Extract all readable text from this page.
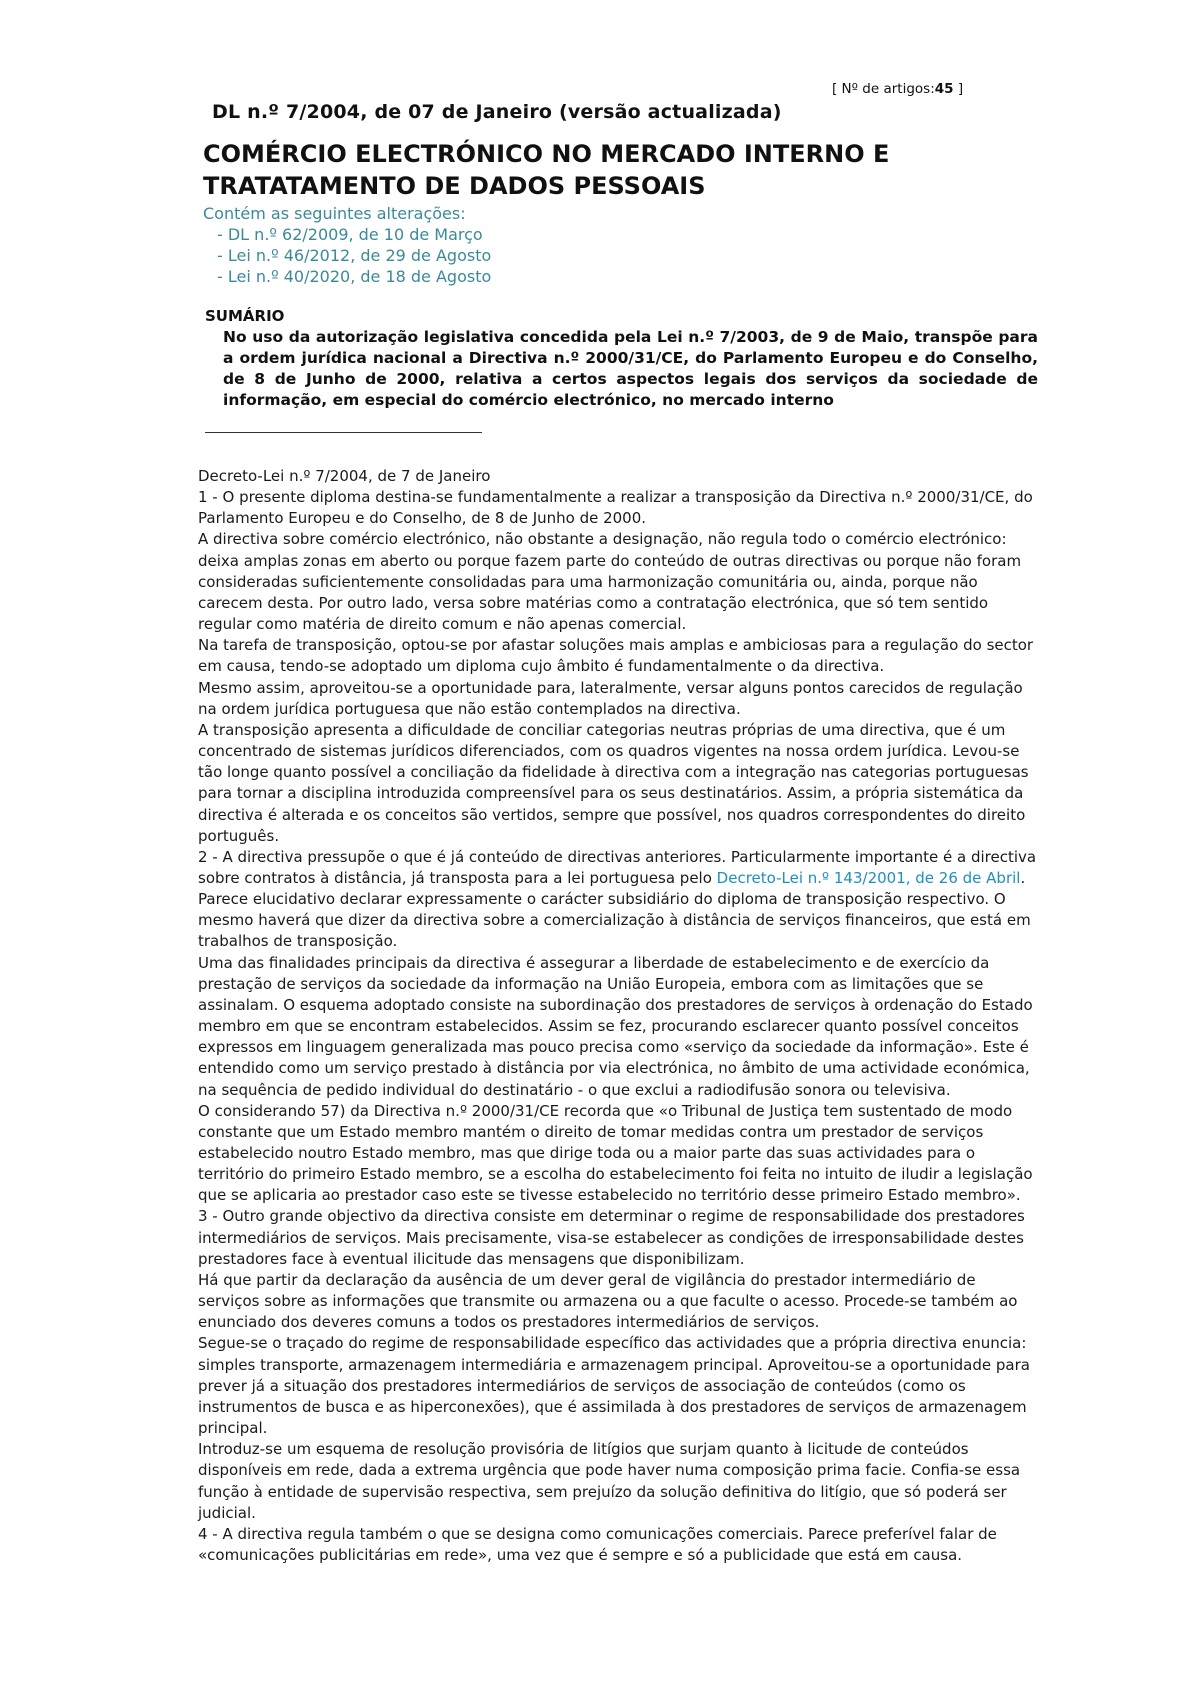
[ Nº de artigos:45 ]
DL n.º 7/2004, de 07 de Janeiro (versão actualizada)
COMÉRCIO ELECTRÓNICO NO MERCADO INTERNO E
TRATATAMENTO DE DADOS PESSOAIS
Contém as seguintes alterações:
- DL n.º 62/2009, de 10 de Março
- Lei n.º 46/2012, de 29 de Agosto
- Lei n.º 40/2020, de 18 de Agosto
SUMÁRIO
No uso da autorização legislativa concedida pela Lei n.º 7/2003, de 9 de Maio, transpõe para a ordem jurídica nacional a Directiva n.º 2000/31/CE, do Parlamento Europeu e do Conselho, de 8 de Junho de 2000, relativa a certos aspectos legais dos serviços da sociedade de informação, em especial do comércio electrónico, no mercado interno

Decreto-Lei n.º 7/2004, de 7 de Janeiro

1 - O presente diploma destina-se fundamentalmente a realizar a transposição da Directiva n.º 2000/31/CE, do Parlamento Europeu e do Conselho, de 8 de Junho de 2000.

A directiva sobre comércio electrónico, não obstante a designação, não regula todo o comércio electrónico: deixa amplas zonas em aberto ou porque fazem parte do conteúdo de outras directivas ou porque não foram consideradas suficientemente consolidadas para uma harmonização comunitária ou, ainda, porque não carecem desta. Por outro lado, versa sobre matérias como a contratação electrónica, que só tem sentido regular como matéria de direito comum e não apenas comercial.

Na tarefa de transposição, optou-se por afastar soluções mais amplas e ambiciosas para a regulação do sector em causa, tendo-se adoptado um diploma cujo âmbito é fundamentalmente o da directiva.

Mesmo assim, aproveitou-se a oportunidade para, lateralmente, versar alguns pontos carecidos de regulação na ordem jurídica portuguesa que não estão contemplados na directiva.

A transposição apresenta a dificuldade de conciliar categorias neutras próprias de uma directiva, que é um concentrado de sistemas jurídicos diferenciados, com os quadros vigentes na nossa ordem jurídica. Levou-se tão longe quanto possível a conciliação da fidelidade à directiva com a integração nas categorias portuguesas para tornar a disciplina introduzida compreensível para os seus destinatários. Assim, a própria sistemática da directiva é alterada e os conceitos são vertidos, sempre que possível, nos quadros correspondentes do direito português.

2 - A directiva pressupõe o que é já conteúdo de directivas anteriores. Particularmente importante é a directiva sobre contratos à distância, já transposta para a lei portuguesa pelo Decreto-Lei n.º 143/2001, de 26 de Abril. Parece elucidativo declarar expressamente o carácter subsidiário do diploma de transposição respectivo. O mesmo haverá que dizer da directiva sobre a comercialização à distância de serviços financeiros, que está em trabalhos de transposição.

Uma das finalidades principais da directiva é assegurar a liberdade de estabelecimento e de exercício da prestação de serviços da sociedade da informação na União Europeia, embora com as limitações que se assinalam. O esquema adoptado consiste na subordinação dos prestadores de serviços à ordenação do Estado membro em que se encontram estabelecidos. Assim se fez, procurando esclarecer quanto possível conceitos expressos em linguagem generalizada mas pouco precisa como «serviço da sociedade da informação». Este é entendido como um serviço prestado à distância por via electrónica, no âmbito de uma actividade económica, na sequência de pedido individual do destinatário - o que exclui a radiodifusão sonora ou televisiva.

O considerando 57) da Directiva n.º 2000/31/CE recorda que «o Tribunal de Justiça tem sustentado de modo constante que um Estado membro mantém o direito de tomar medidas contra um prestador de serviços estabelecido noutro Estado membro, mas que dirige toda ou a maior parte das suas actividades para o território do primeiro Estado membro, se a escolha do estabelecimento foi feita no intuito de iludir a legislação que se aplicaria ao prestador caso este se tivesse estabelecido no território desse primeiro Estado membro».

3 - Outro grande objectivo da directiva consiste em determinar o regime de responsabilidade dos prestadores intermediários de serviços. Mais precisamente, visa-se estabelecer as condições de irresponsabilidade destes prestadores face à eventual ilicitude das mensagens que disponibilizam.

Há que partir da declaração da ausência de um dever geral de vigilância do prestador intermediário de serviços sobre as informações que transmite ou armazena ou a que faculte o acesso. Procede-se também ao enunciado dos deveres comuns a todos os prestadores intermediários de serviços.

Segue-se o traçado do regime de responsabilidade específico das actividades que a própria directiva enuncia: simples transporte, armazenagem intermediária e armazenagem principal. Aproveitou-se a oportunidade para prever já a situação dos prestadores intermediários de serviços de associação de conteúdos (como os instrumentos de busca e as hiperconexões), que é assimilada à dos prestadores de serviços de armazenagem principal.

Introduz-se um esquema de resolução provisória de litígios que surjam quanto à licitude de conteúdos disponíveis em rede, dada a extrema urgência que pode haver numa composição prima facie. Confia-se essa função à entidade de supervisão respectiva, sem prejuízo da solução definitiva do litígio, que só poderá ser judicial.

4 - A directiva regula também o que se designa como comunicações comerciais. Parece preferível falar de «comunicações publicitárias em rede», uma vez que é sempre e só a publicidade que está em causa.
